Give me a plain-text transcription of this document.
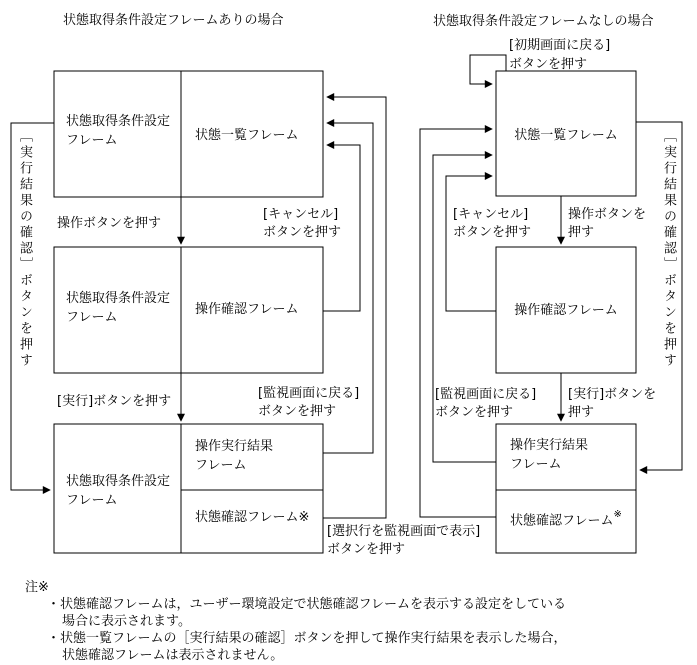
状態取得条件設定フレームありの場合	状態取得条件設定フレームなしの場合
［実行結果の確認］ボタンを押す
状態取得条件設定
フレーム	状態一覧フレーム
操作ボタンを押す
[キャンセル]
ボタンを押す
状態取得条件設定
フレーム
操作確認フレーム
[実行]ボタンを押す
[監視画面に戻る]
ボタンを押す
状態取得条件設定
フレーム
操作実行結果
フレーム
状態確認フレーム※
[選択行を監視画面で表示]
ボタンを押す
[初期画面に戻る]
ボタンを押す
状態一覧フレーム
操作確認フレーム
操作実行結果
フレーム
状態確認フレーム※
[キャンセル]
ボタンを押す
操作ボタンを
押す
[監視画面に戻る]
ボタンを押す
[実行]ボタンを
押す
［実行結果の確認］ボタンを押す
注※
・状態確認フレームは，ユーザー環境設定で状態確認フレームを表示する設定をしている
場合に表示されます。
・状態一覧フレームの［実行結果の確認］ボタンを押して操作実行結果を表示した場合，
状態確認フレームは表示されません。
